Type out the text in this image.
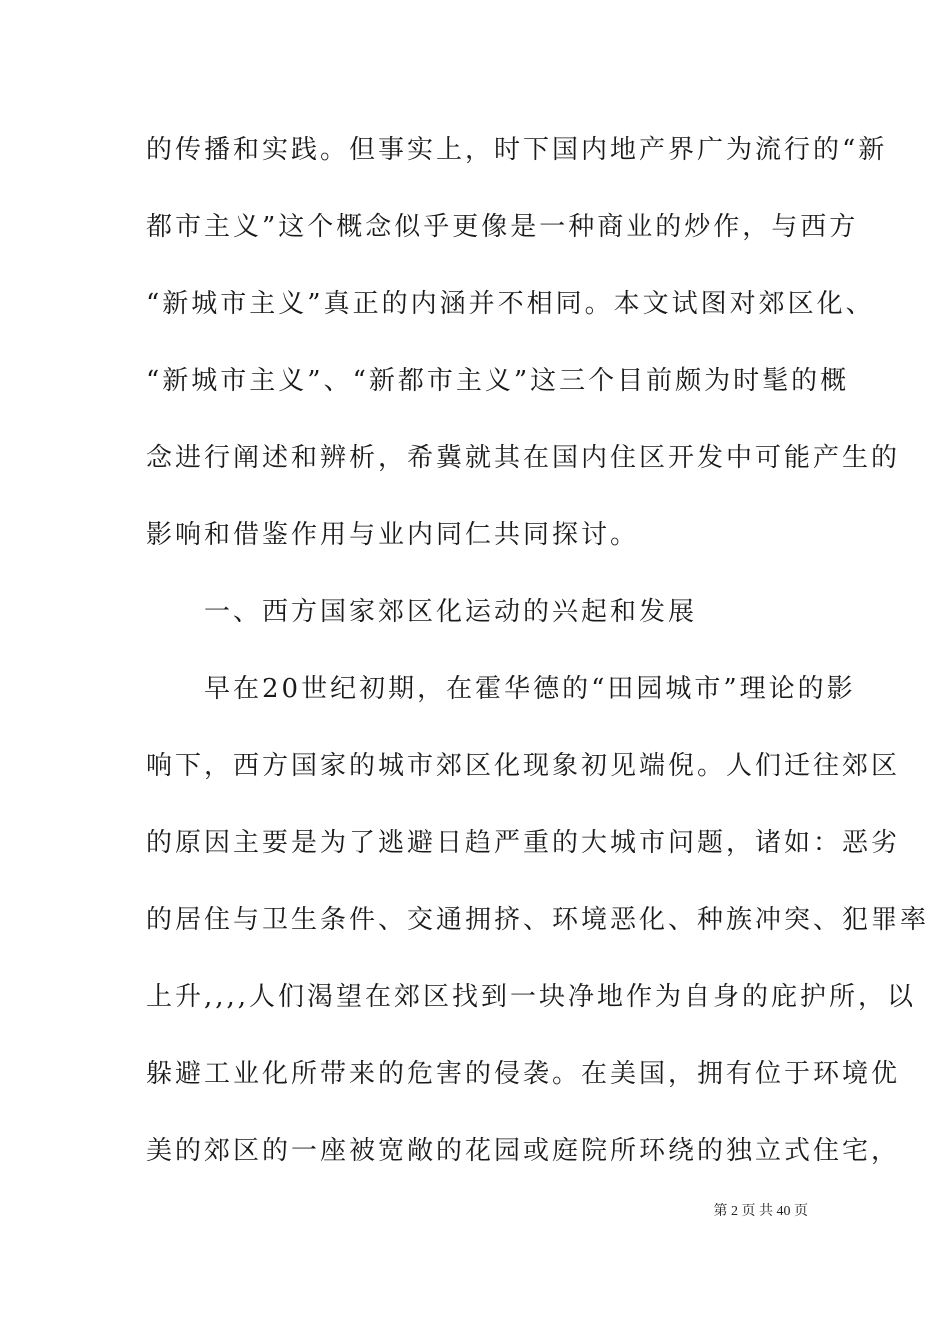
的传播和实践。但事实上，时下国内地产界广为流行的“新
都市主义”这个概念似乎更像是一种商业的炒作，与西方
“新城市主义”真正的内涵并不相同。本文试图对郊区化、
“新城市主义”、“新都市主义”这三个目前颇为时髦的概
念进行阐述和辨析，希冀就其在国内住区开发中可能产生的
影响和借鉴作用与业内同仁共同探讨。
一、西方国家郊区化运动的兴起和发展
早在20世纪初期，在霍华德的“田园城市”理论的影
响下，西方国家的城市郊区化现象初见端倪。人们迁往郊区
的原因主要是为了逃避日趋严重的大城市问题，诸如：恶劣
的居住与卫生条件、交通拥挤、环境恶化、种族冲突、犯罪率
上升,,,,人们渴望在郊区找到一块净地作为自身的庇护所，以
躲避工业化所带来的危害的侵袭。在美国，拥有位于环境优
美的郊区的一座被宽敞的花园或庭院所环绕的独立式住宅，
第 2 页 共 40 页
